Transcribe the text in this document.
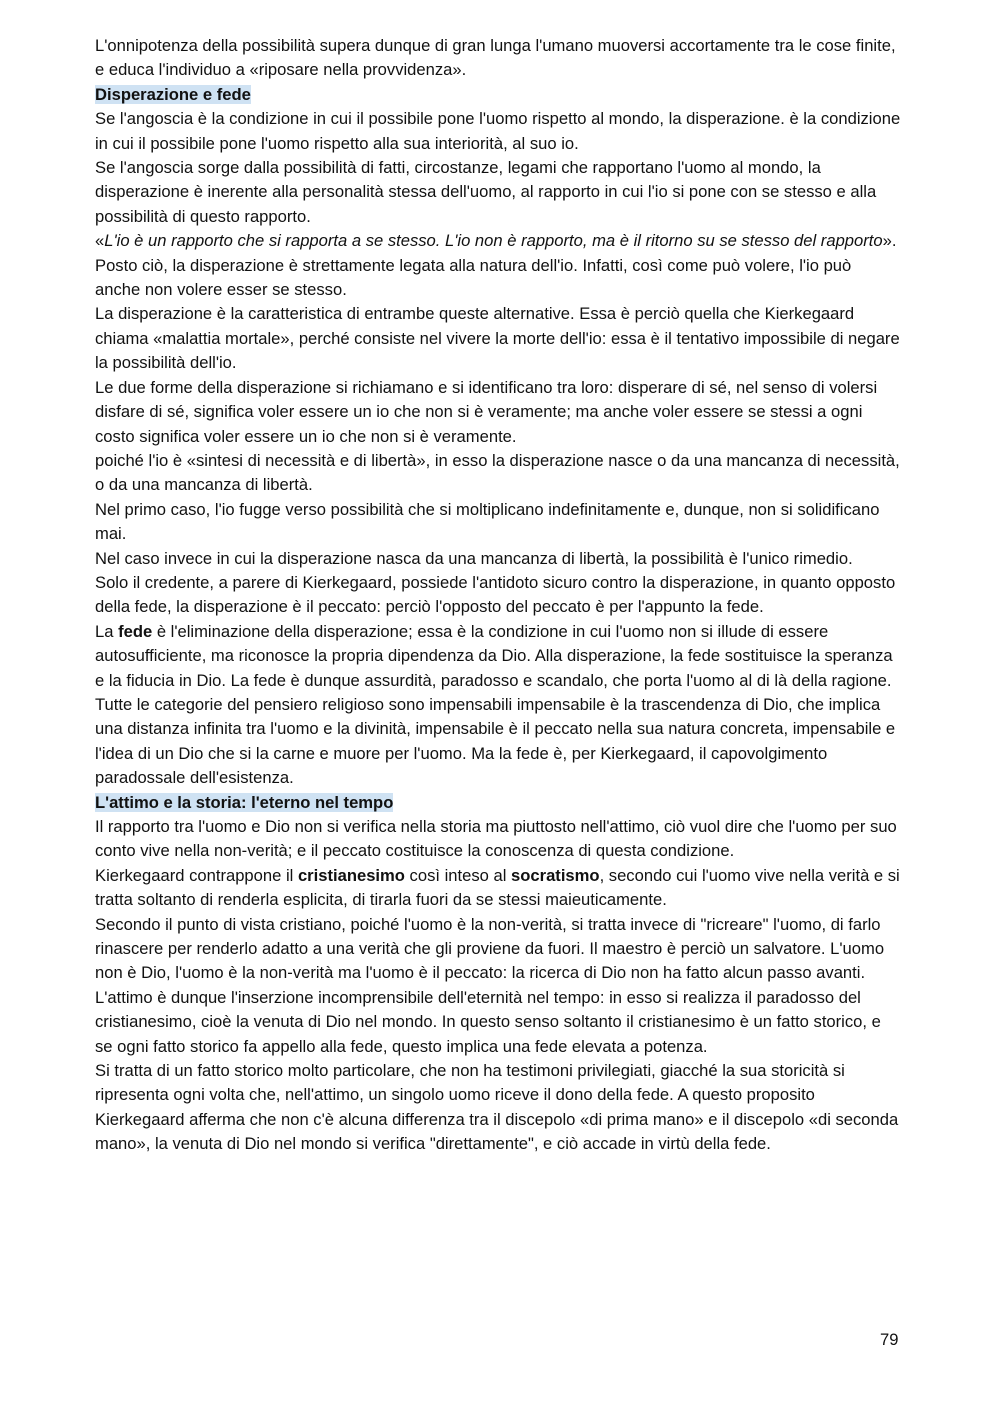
L'onnipotenza della possibilità supera dunque di gran lunga l'umano muoversi accortamente tra le cose finite, e educa l'individuo a «riposare nella provvidenza».

Disperazione e fede

Se l'angoscia è la condizione in cui il possibile pone l'uomo rispetto al mondo, la disperazione. è la condizione in cui il possibile pone l'uomo rispetto alla sua interiorità, al suo io.

Se l'angoscia sorge dalla possibilità di fatti, circostanze, legami che rapportano l'uomo al mondo, la disperazione è inerente alla personalità stessa dell'uomo, al rapporto in cui l'io si pone con se stesso e alla possibilità di questo rapporto.

«L'io è un rapporto che si rapporta a se stesso. L'io non è rapporto, ma è il ritorno su se stesso del rapporto». Posto ciò, la disperazione è strettamente legata alla natura dell'io. Infatti, così come può volere, l'io può anche non volere esser se stesso.

La disperazione è la caratteristica di entrambe queste alternative. Essa è perciò quella che Kierkegaard chiama «malattia mortale», perché consiste nel vivere la morte dell'io: essa è il tentativo impossibile di negare la possibilità dell'io.

Le due forme della disperazione si richiamano e si identificano tra loro: disperare di sé, nel senso di volersi disfare di sé, significa voler essere un io che non si è veramente; ma anche voler essere se stessi a ogni costo significa voler essere un io che non si è veramente.

poiché l'io è «sintesi di necessità e di libertà», in esso la disperazione nasce o da una mancanza di necessità, o da una mancanza di libertà.

Nel primo caso, l'io fugge verso possibilità che si moltiplicano indefinitamente e, dunque, non si solidificano mai.

Nel caso invece in cui la disperazione nasca da una mancanza di libertà, la possibilità è l'unico rimedio.

Solo il credente, a parere di Kierkegaard, possiede l'antidoto sicuro contro la disperazione, in quanto opposto della fede, la disperazione è il peccato: perciò l'opposto del peccato è per l'appunto la fede.

La fede è l'eliminazione della disperazione; essa è la condizione in cui l'uomo non si illude di essere autosufficiente, ma riconosce la propria dipendenza da Dio. Alla disperazione, la fede sostituisce la speranza e la fiducia in Dio. La fede è dunque assurdità, paradosso e scandalo, che porta l'uomo al di là della ragione. Tutte le categorie del pensiero religioso sono impensabili impensabile è la trascendenza di Dio, che implica una distanza infinita tra l'uomo e la divinità, impensabile è il peccato nella sua natura concreta, impensabile e l'idea di un Dio che si la carne e muore per l'uomo. Ma la fede è, per Kierkegaard, il capovolgimento paradossale dell'esistenza.

L'attimo e la storia: l'eterno nel tempo

Il rapporto tra l'uomo e Dio non si verifica nella storia ma piuttosto nell'attimo, ciò vuol dire che l'uomo per suo conto vive nella non-verità; e il peccato costituisce la conoscenza di questa condizione.

Kierkegaard contrappone il cristianesimo così inteso al socratismo, secondo cui l'uomo vive nella verità e si tratta soltanto di renderla esplicita, di tirarla fuori da se stessi maieuticamente.

Secondo il punto di vista cristiano, poiché l'uomo è la non-verità, si tratta invece di "ricreare" l'uomo, di farlo rinascere per renderlo adatto a una verità che gli proviene da fuori. Il maestro è perciò un salvatore. L'uomo non è Dio, l'uomo è la non-verità ma l'uomo è il peccato: la ricerca di Dio non ha fatto alcun passo avanti.

L'attimo è dunque l'inserzione incomprensibile dell'eternità nel tempo: in esso si realizza il paradosso del cristianesimo, cioè la venuta di Dio nel mondo. In questo senso soltanto il cristianesimo è un fatto storico, e se ogni fatto storico fa appello alla fede, questo implica una fede elevata a potenza.

Si tratta di un fatto storico molto particolare, che non ha testimoni privilegiati, giacché la sua storicità si ripresenta ogni volta che, nell'attimo, un singolo uomo riceve il dono della fede. A questo proposito Kierkegaard afferma che non c'è alcuna differenza tra il discepolo «di prima mano» e il discepolo «di seconda mano», la venuta di Dio nel mondo si verifica "direttamente", e ciò accade in virtù della fede.

79
